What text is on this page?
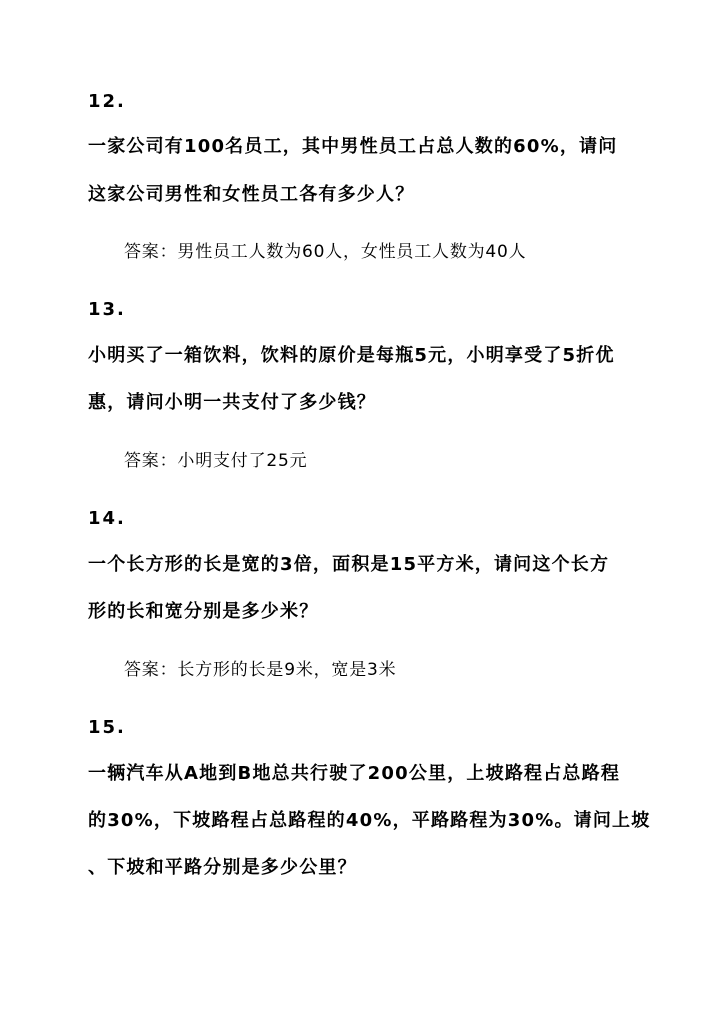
12.
一家公司有100名员工，其中男性员工占总人数的60%，请问
这家公司男性和女性员工各有多少人？
答案：男性员工人数为60人，女性员工人数为40人
13.
小明买了一箱饮料，饮料的原价是每瓶5元，小明享受了5折优
惠，请问小明一共支付了多少钱？
答案：小明支付了25元
14.
一个长方形的长是宽的3倍，面积是15平方米，请问这个长方
形的长和宽分别是多少米？
答案：长方形的长是9米，宽是3米
15.
一辆汽车从A地到B地总共行驶了200公里，上坡路程占总路程
的30%，下坡路程占总路程的40%，平路路程为30%。请问上坡
、下坡和平路分别是多少公里？
